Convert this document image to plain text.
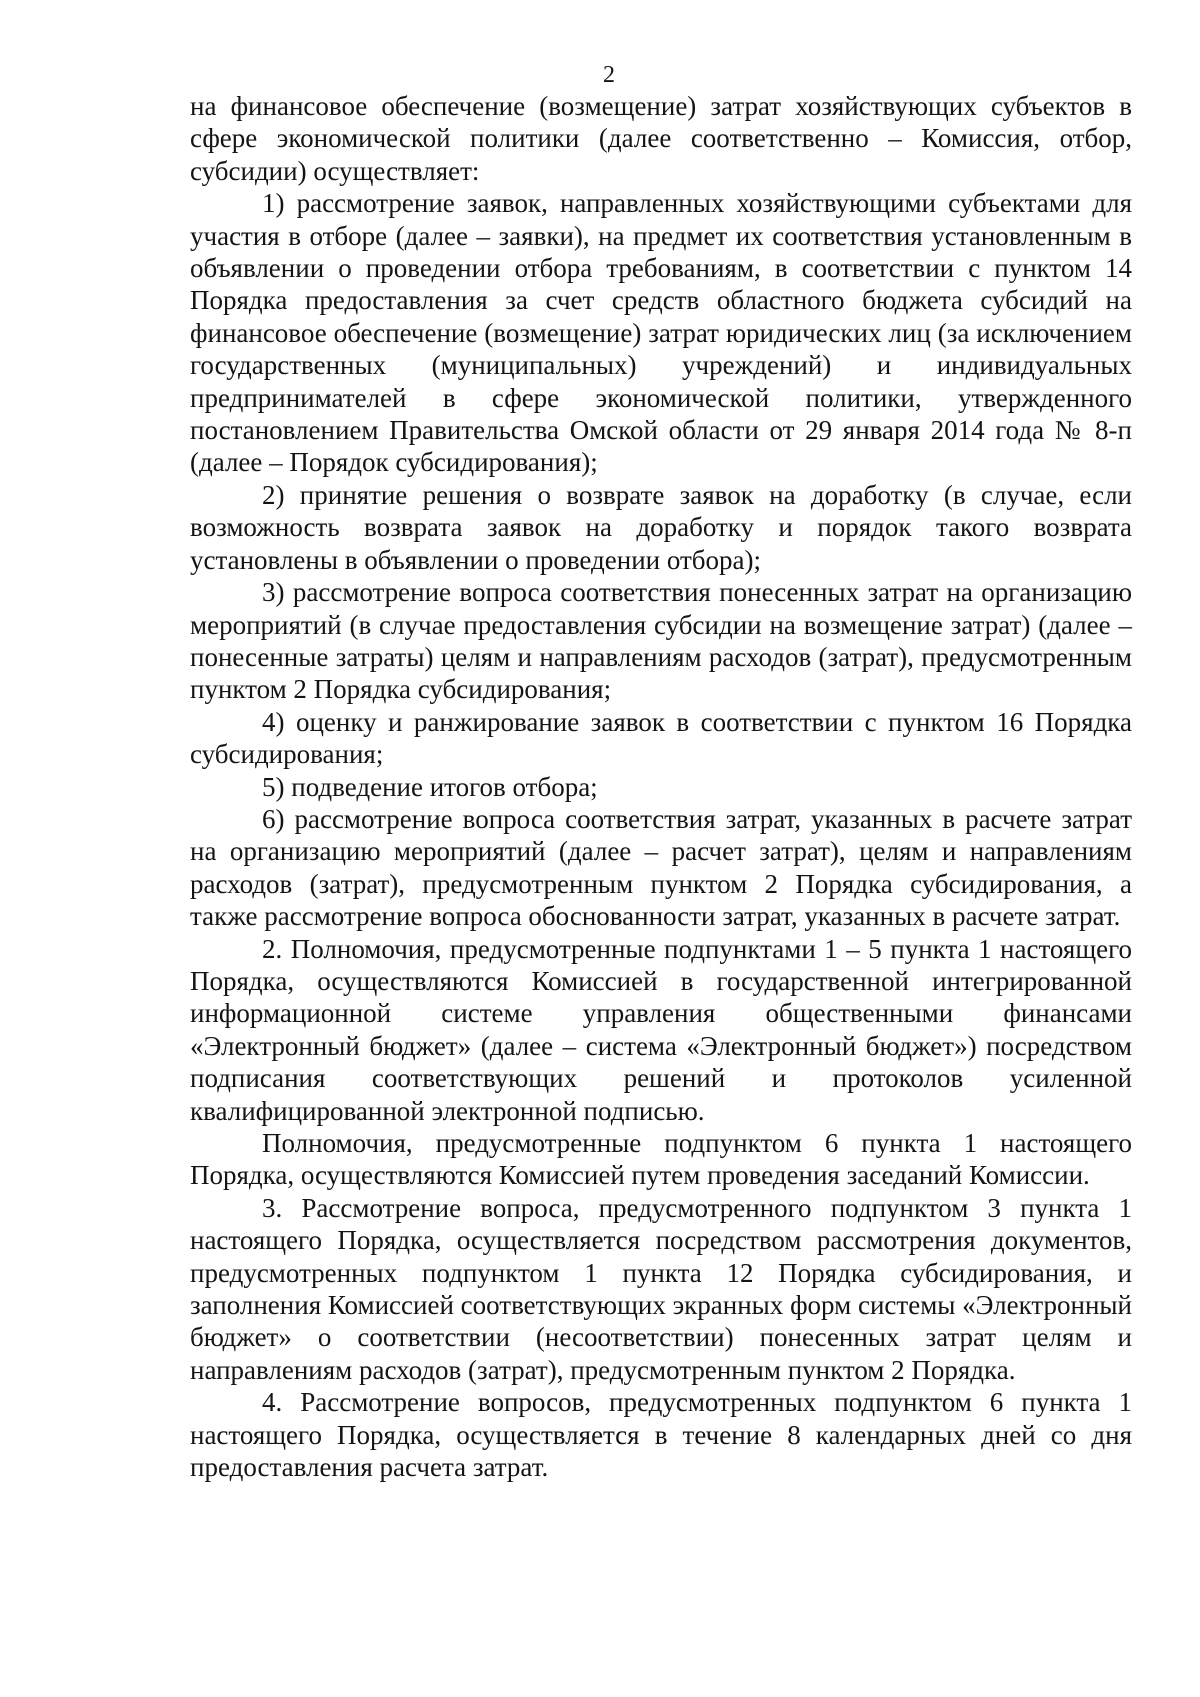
2

на финансовое обеспечение (возмещение) затрат хозяйствующих субъектов в сфере экономической политики (далее соответственно – Комиссия, отбор, субсидии) осуществляет:

1) рассмотрение заявок, направленных хозяйствующими субъектами для участия в отборе (далее – заявки), на предмет их соответствия установленным в объявлении о проведении отбора требованиям, в соответствии с пунктом 14 Порядка предоставления за счет средств областного бюджета субсидий на финансовое обеспечение (возмещение) затрат юридических лиц (за исключением государственных (муниципальных) учреждений) и индивидуальных предпринимателей в сфере экономической политики, утвержденного постановлением Правительства Омской области от 29 января 2014 года № 8-п (далее – Порядок субсидирования);

2) принятие решения о возврате заявок на доработку (в случае, если возможность возврата заявок на доработку и порядок такого возврата установлены в объявлении о проведении отбора);

3) рассмотрение вопроса соответствия понесенных затрат на организацию мероприятий (в случае предоставления субсидии на возмещение затрат) (далее – понесенные затраты) целям и направлениям расходов (затрат), предусмотренным пунктом 2 Порядка субсидирования;

4) оценку и ранжирование заявок в соответствии с пунктом 16 Порядка субсидирования;

5) подведение итогов отбора;

6) рассмотрение вопроса соответствия затрат, указанных в расчете затрат на организацию мероприятий (далее – расчет затрат), целям и направлениям расходов (затрат), предусмотренным пунктом 2 Порядка субсидирования, а также рассмотрение вопроса обоснованности затрат, указанных в расчете затрат.

2. Полномочия, предусмотренные подпунктами 1 – 5 пункта 1 настоящего Порядка, осуществляются Комиссией в государственной интегрированной информационной системе управления общественными финансами «Электронный бюджет» (далее – система «Электронный бюджет») посредством подписания соответствующих решений и протоколов усиленной квалифицированной электронной подписью.

Полномочия, предусмотренные подпунктом 6 пункта 1 настоящего Порядка, осуществляются Комиссией путем проведения заседаний Комиссии.

3. Рассмотрение вопроса, предусмотренного подпунктом 3 пункта 1 настоящего Порядка, осуществляется посредством рассмотрения документов, предусмотренных подпунктом 1 пункта 12 Порядка субсидирования, и заполнения Комиссией соответствующих экранных форм системы «Электронный бюджет» о соответствии (несоответствии) понесенных затрат целям и направлениям расходов (затрат), предусмотренным пунктом 2 Порядка.

4. Рассмотрение вопросов, предусмотренных подпунктом 6 пункта 1 настоящего Порядка, осуществляется в течение 8 календарных дней со дня предоставления расчета затрат.
